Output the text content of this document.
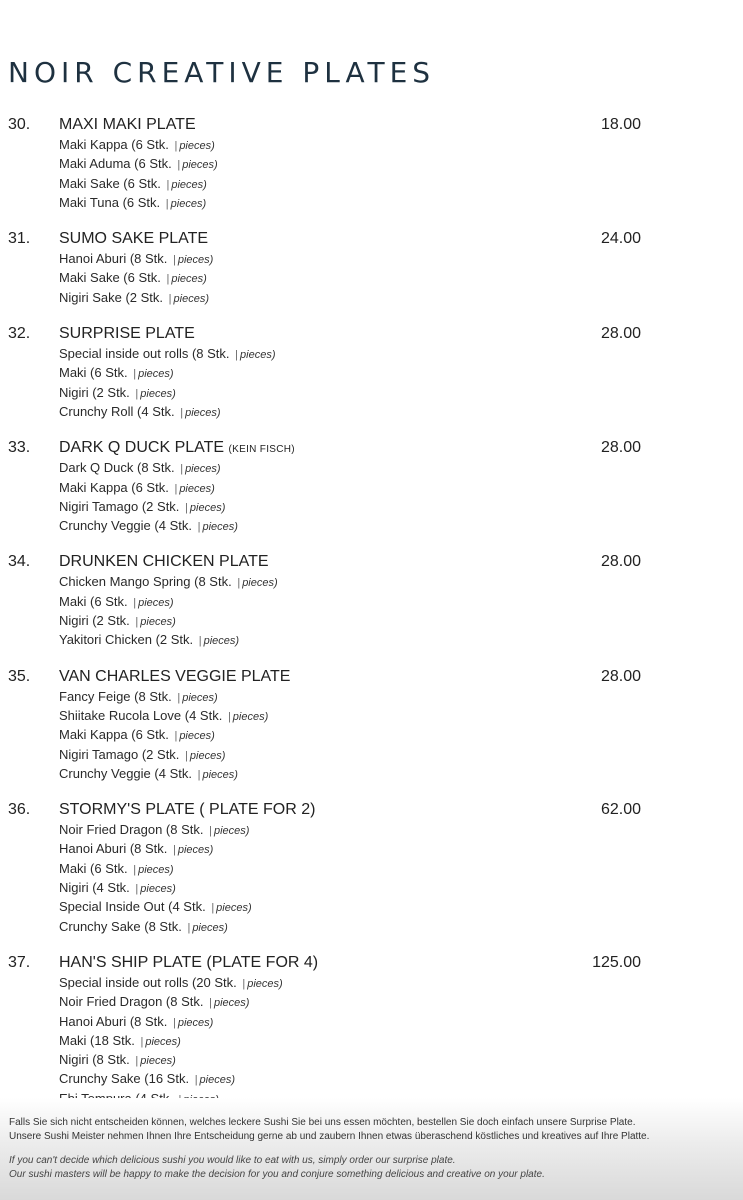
NOIR CREATIVE PLATES
30. MAXI MAKI PLATE	18.00
Maki Kappa (6 Stk. | pieces)
Maki Aduma (6 Stk. | pieces)
Maki Sake (6 Stk. | pieces)
Maki Tuna (6 Stk. | pieces)
31. SUMO SAKE PLATE	24.00
Hanoi Aburi (8 Stk. | pieces)
Maki Sake (6 Stk. | pieces)
Nigiri Sake (2 Stk. | pieces)
32. SURPRISE PLATE	28.00
Special inside out rolls (8 Stk. | pieces)
Maki (6 Stk. | pieces)
Nigiri (2 Stk. | pieces)
Crunchy Roll (4 Stk. | pieces)
33. DARK Q DUCK PLATE (KEIN FISCH)	28.00
Dark Q Duck (8 Stk. | pieces)
Maki Kappa (6 Stk. | pieces)
Nigiri Tamago (2 Stk. | pieces)
Crunchy Veggie (4 Stk. | pieces)
34. DRUNKEN CHICKEN PLATE	28.00
Chicken Mango Spring (8 Stk. | pieces)
Maki (6 Stk. | pieces)
Nigiri (2 Stk. | pieces)
Yakitori Chicken (2 Stk. | pieces)
35. VAN CHARLES VEGGIE PLATE	28.00
Fancy Feige (8 Stk. | pieces)
Shiitake Rucola Love (4 Stk. | pieces)
Maki Kappa (6 Stk. | pieces)
Nigiri Tamago (2 Stk. | pieces)
Crunchy Veggie (4 Stk. | pieces)
36. STORMY'S PLATE ( PLATE FOR 2)	62.00
Noir Fried Dragon (8 Stk. | pieces)
Hanoi Aburi (8 Stk. | pieces)
Maki (6 Stk. | pieces)
Nigiri (4 Stk. | pieces)
Special Inside Out (4 Stk. | pieces)
Crunchy Sake (8 Stk. | pieces)
37. HAN'S SHIP PLATE (PLATE FOR 4)	125.00
Special inside out rolls (20 Stk. | pieces)
Noir Fried Dragon (8 Stk. | pieces)
Hanoi Aburi (8 Stk. | pieces)
Maki (18 Stk. | pieces)
Nigiri (8 Stk. | pieces)
Crunchy Sake (16 Stk. | pieces)
Falls Sie sich nicht entscheiden können, welches leckere Sushi Sie bei uns essen möchten, bestellen Sie doch einfach unsere Surprise Plate.
Unsere Sushi Meister nehmen Ihnen Ihre Entscheidung gerne ab und zaubern Ihnen etwas überaschend köstliches und kreatives auf Ihre Platte.
If you can't decide which delicious sushi you would like to eat with us, simply order our surprise plate.
Our sushi masters will be happy to make the decision for you and conjure something delicious and creative on your plate.
